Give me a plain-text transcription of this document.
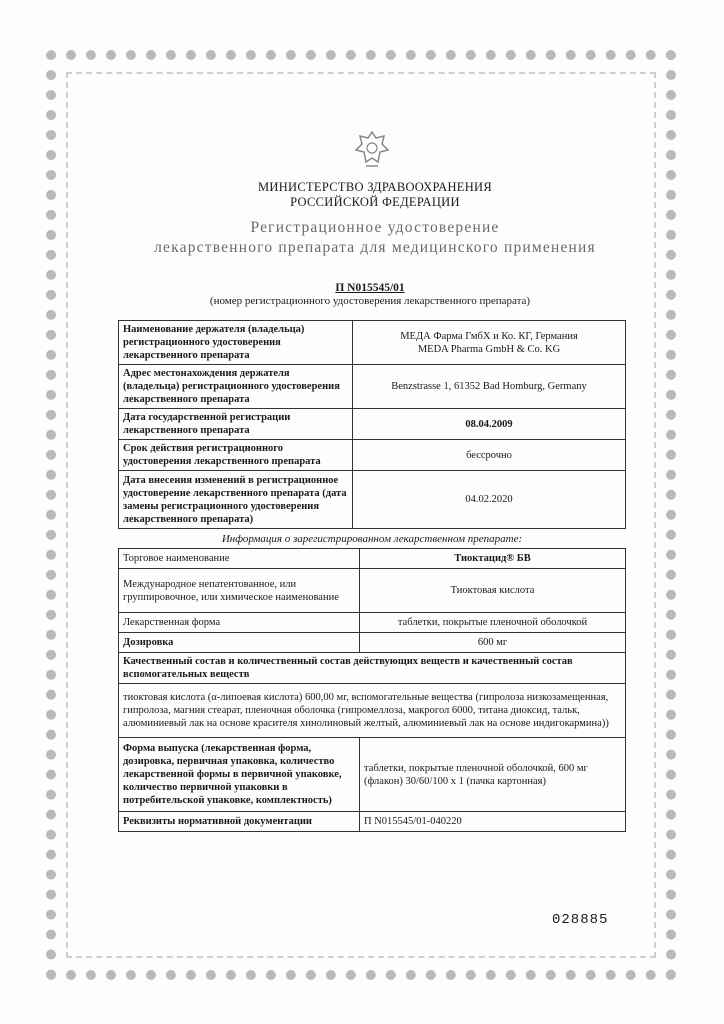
МИНИСТЕРСТВО ЗДРАВООХРАНЕНИЯ
РОССИЙСКОЙ ФЕДЕРАЦИИ
Регистрационное удостоверение
лекарственного препарата для медицинского применения
П N015545/01
(номер регистрационного удостоверения лекарственного препарата)
Наименование держателя (владельца) регистрационного удостоверения лекарственного препарата	МЕДА Фарма ГмбХ и Ко. КГ, Германия
MEDA Pharma GmbH & Co. KG

Адрес местонахождения держателя (владельца) регистрационного удостоверения лекарственного препарата	Benzstrasse 1, 61352 Bad Homburg, Germany
Дата государственной регистрации лекарственного препарата	08.04.2009
Срок действия регистрационного удостоверения лекарственного препарата	бессрочно
Дата внесения изменений в регистрационное удостоверение лекарственного препарата (дата замены регистрационного удостоверения лекарственного препарата)	04.02.2020
Информация о зарегистрированном лекарственном препарате:
Торговое наименование	Тиоктацид® БВ
Международное непатентованное, или группировочное, или химическое наименование	Тиоктовая кислота
Лекарственная форма	таблетки, покрытые пленочной оболочкой
Дозировка	600 мг
Качественный состав и количественный состав действующих веществ и качественный состав вспомогательных веществ	
тиоктовая кислота (α-липоевая кислота) 600,00 мг, вспомогательные вещества (гипролоза низкозамещенная, гипролоза, магния стеарат, пленочная оболочка (гипромеллоза, макрогол 6000, титана диоксид, тальк, алюминиевый лак на основе красителя хинолиновый желтый, алюминиевый лак на основе индигокармина))	
Форма выпуска (лекарственная форма, дозировка, первичная упаковка, количество лекарственной формы в первичной упаковке, количество первичной упаковки в потребительской упаковке, комплектность)	таблетки, покрытые пленочной оболочкой, 600 мг (флакон) 30/60/100 x 1 (пачка картонная)
Реквизиты нормативной документации	П N015545/01-040220
028885
